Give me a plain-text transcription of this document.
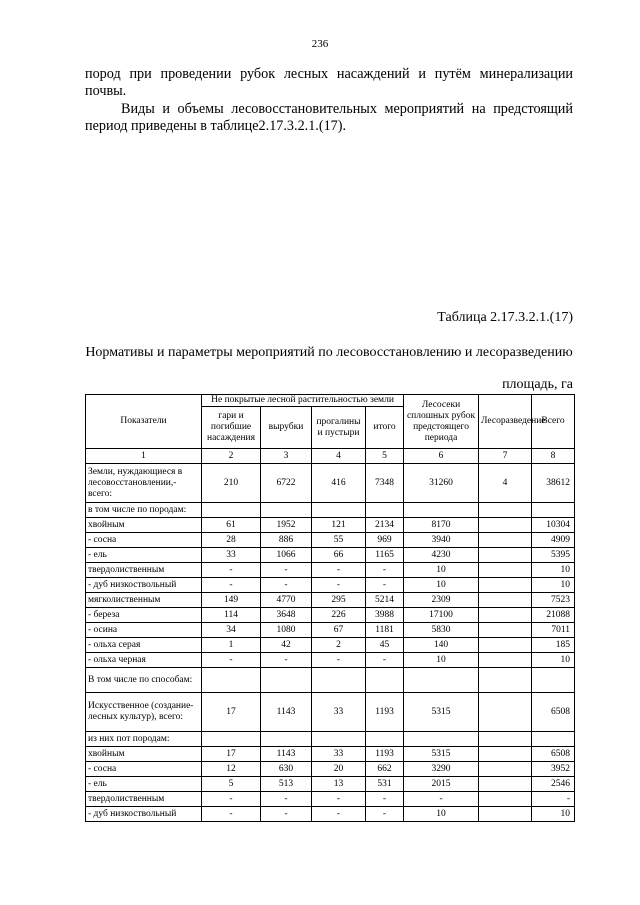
236
пород при проведении рубок лесных насаждений и путём минерализации почвы.
Виды и объемы лесовосстановительных мероприятий на предстоящий период приведены в таблице2.17.3.2.1.(17).
Таблица 2.17.3.2.1.(17)
Нормативы и параметры мероприятий по лесовосстановлению и лесоразведению
площадь, га
Показатели	Не покрытые лесной растительностью земли				Лесосеки сплошных рубок предстоящего периода	Лесоразведение	Всего
	гари и погибшие насаждения	вырубки	прогалины и пустыри	итого			
1	2	3	4	5	6	7	8
Земли, нуждающиеся в лесовосстановлении,-всего:	210	6722	416	7348	31260	4	38612
в том числе по породам:							
хвойным	61	1952	121	2134	8170		10304
- сосна	28	886	55	969	3940		4909
- ель	33	1066	66	1165	4230		5395
твердолиственным	-	-	-	-	10		10
- дуб низкоствольный	-	-	-	-	10		10
мягколиственным	149	4770	295	5214	2309		7523
- береза	114	3648	226	3988	17100		21088
- осина	34	1080	67	1181	5830		7011
- ольха серая	1	42	2	45	140		185
- ольха черная	-	-	-	-	10		10
В том числе по способам:							
Искусственное (создание-лесных культур), всего:	17	1143	33	1193	5315		6508
из них пот породам:							
хвойным	17	1143	33	1193	5315		6508
- сосна	12	630	20	662	3290		3952
- ель	5	513	13	531	2015		2546
твердолиственным	-	-	-	-	-		-
- дуб низкоствольный	-	-	-	-	10		10
